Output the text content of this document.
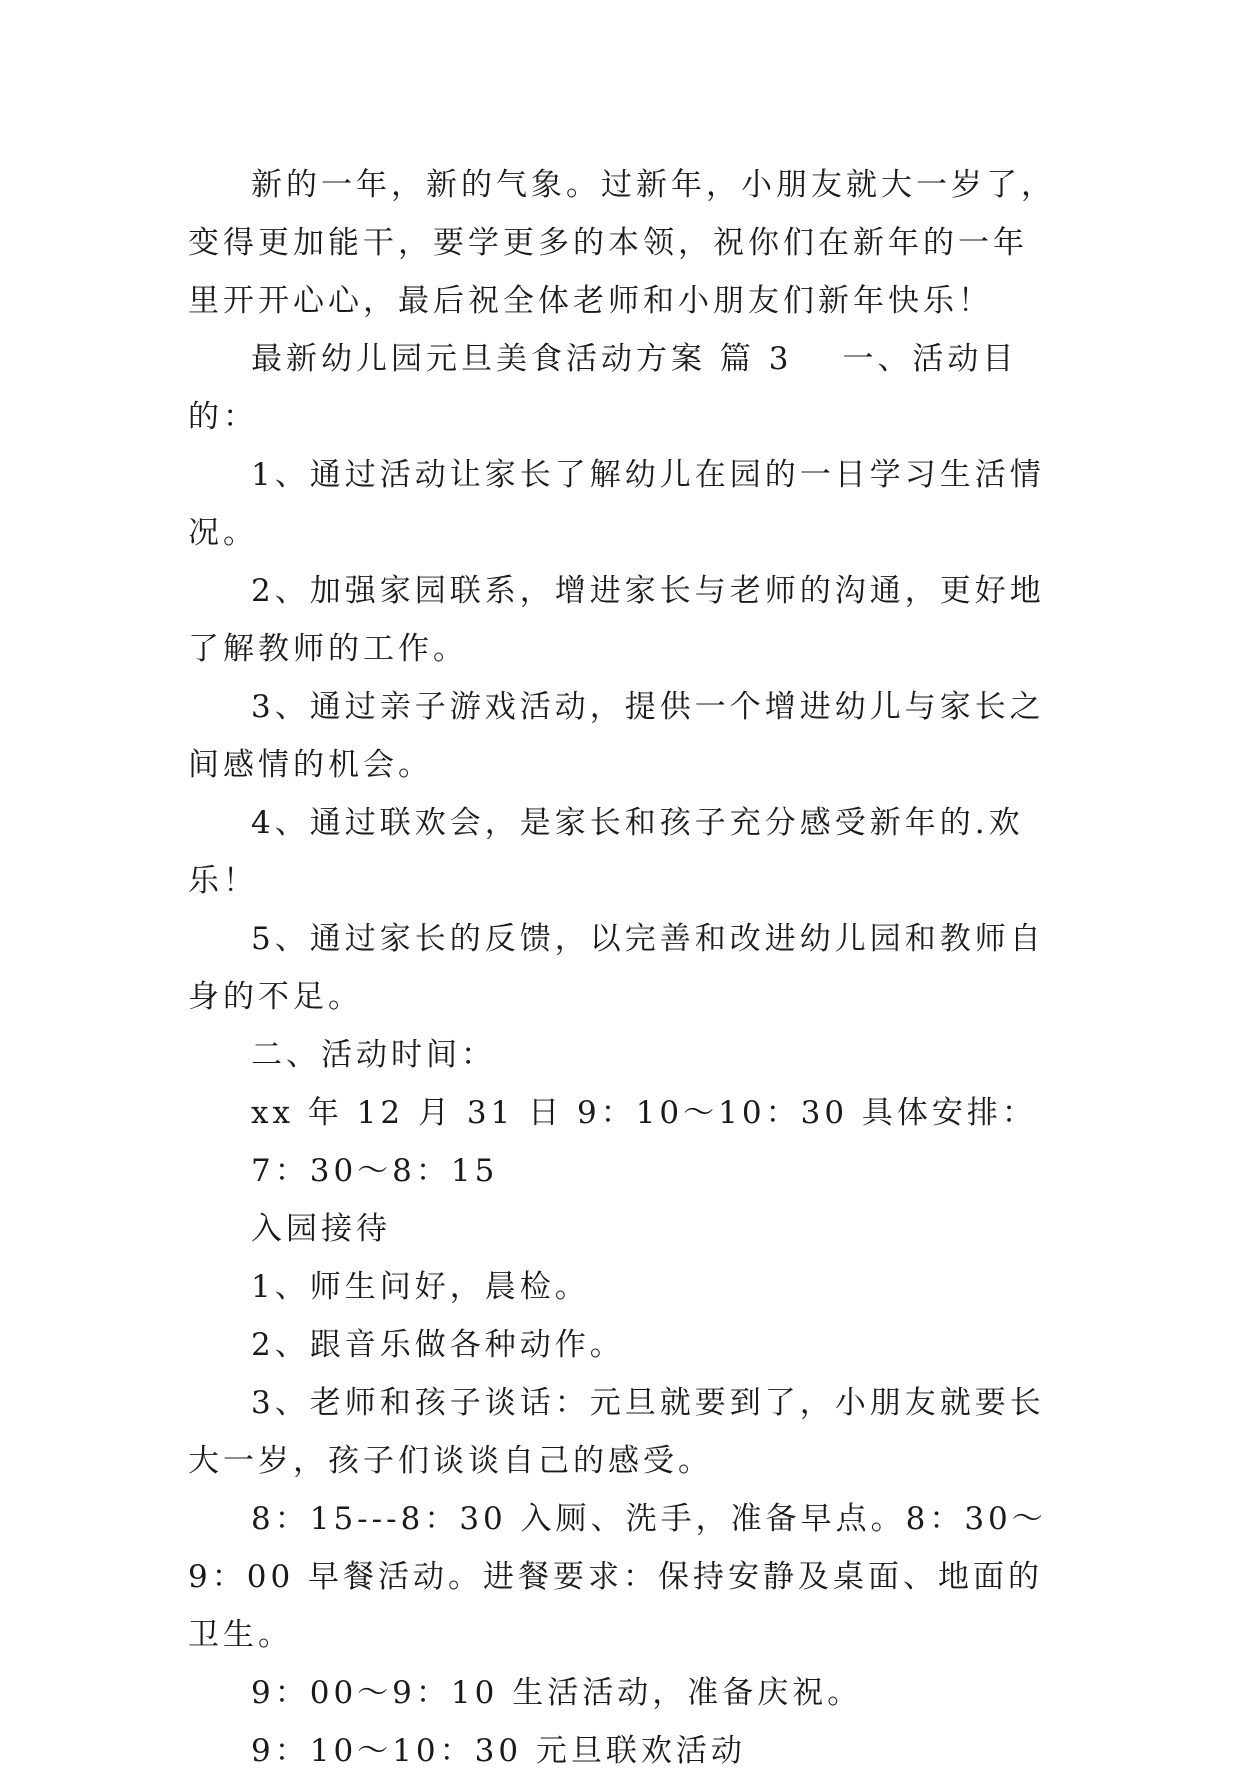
新的一年，新的气象。过新年，小朋友就大一岁了，变得更加能干，要学更多的本领，祝你们在新年的一年里开开心心，最后祝全体老师和小朋友们新年快乐！

最新幼儿园元旦美食活动方案 篇 3 一、活动目的：

1、通过活动让家长了解幼儿在园的一日学习生活情况。

2、加强家园联系，增进家长与老师的沟通，更好地了解教师的工作。

3、通过亲子游戏活动，提供一个增进幼儿与家长之间感情的机会。

4、通过联欢会，是家长和孩子充分感受新年的.欢乐！

5、通过家长的反馈，以完善和改进幼儿园和教师自身的不足。

二、活动时间：

xx 年 12 月 31 日 9：10～10：30 具体安排：

7：30～8：15

入园接待

1、师生问好，晨检。

2、跟音乐做各种动作。

3、老师和孩子谈话：元旦就要到了，小朋友就要长大一岁，孩子们谈谈自己的感受。

8：15---8：30 入厕、洗手，准备早点。8：30～9：00 早餐活动。进餐要求：保持安静及桌面、地面的卫生。

9：00～9：10 生活活动，准备庆祝。

9：10～10：30 元旦联欢活动
